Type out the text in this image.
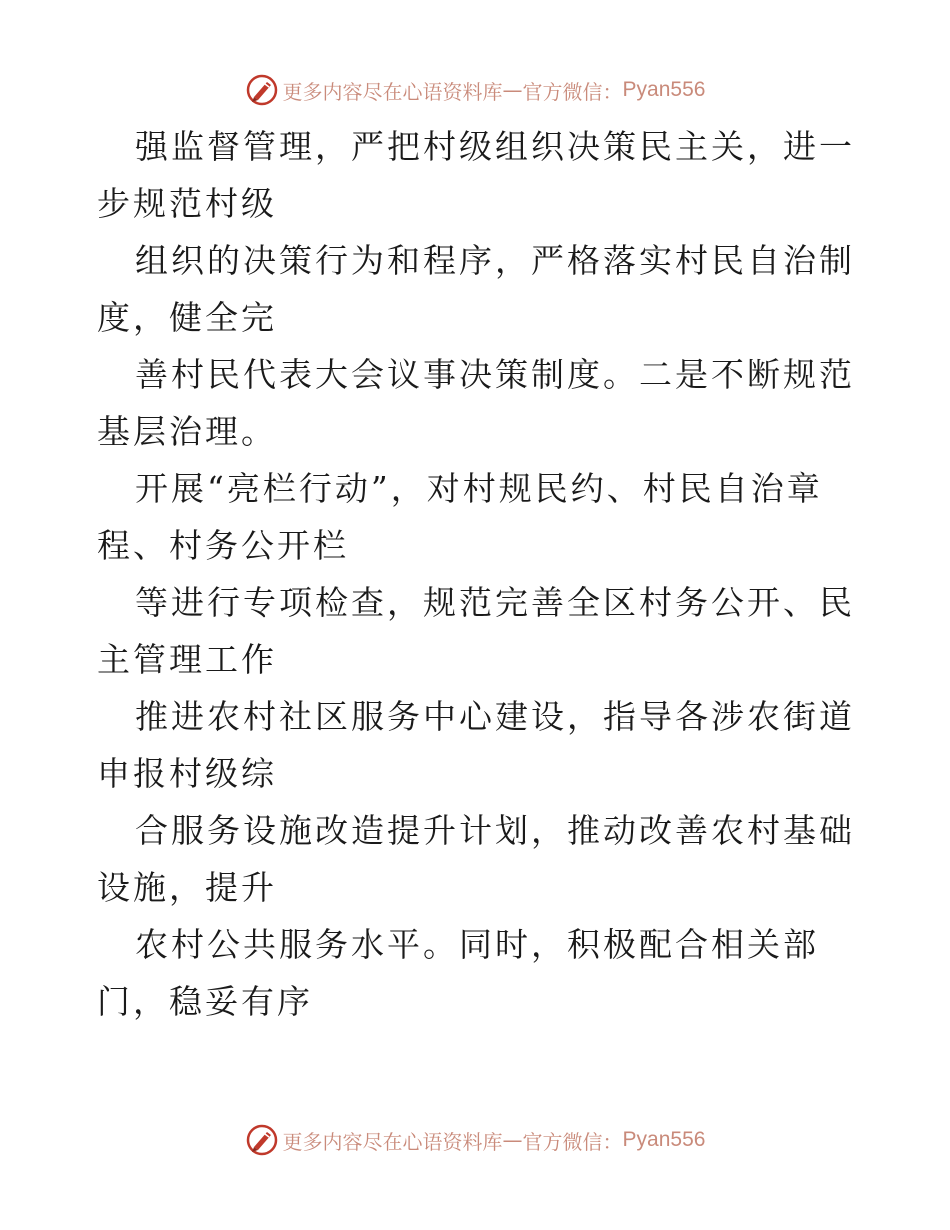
更多内容尽在心语资料库 — 官方微信： Pyan556

强监督管理，严把村级组织决策民主关，进一步规范村级

组织的决策行为和程序，严格落实村民自治制度，健全完

善村民代表大会议事决策制度。二是不断规范基层治理。

开展“亮栏行动”，对村规民约、村民自治章程、村务公开栏

等进行专项检查，规范完善全区村务公开、民主管理工作

推进农村社区服务中心建设，指导各涉农街道申报村级综

合服务设施改造提升计划，推动改善农村基础设施，提升

农村公共服务水平。同时，积极配合相关部门，稳妥有序

更多内容尽在心语资料库 — 官方微信： Pyan556
